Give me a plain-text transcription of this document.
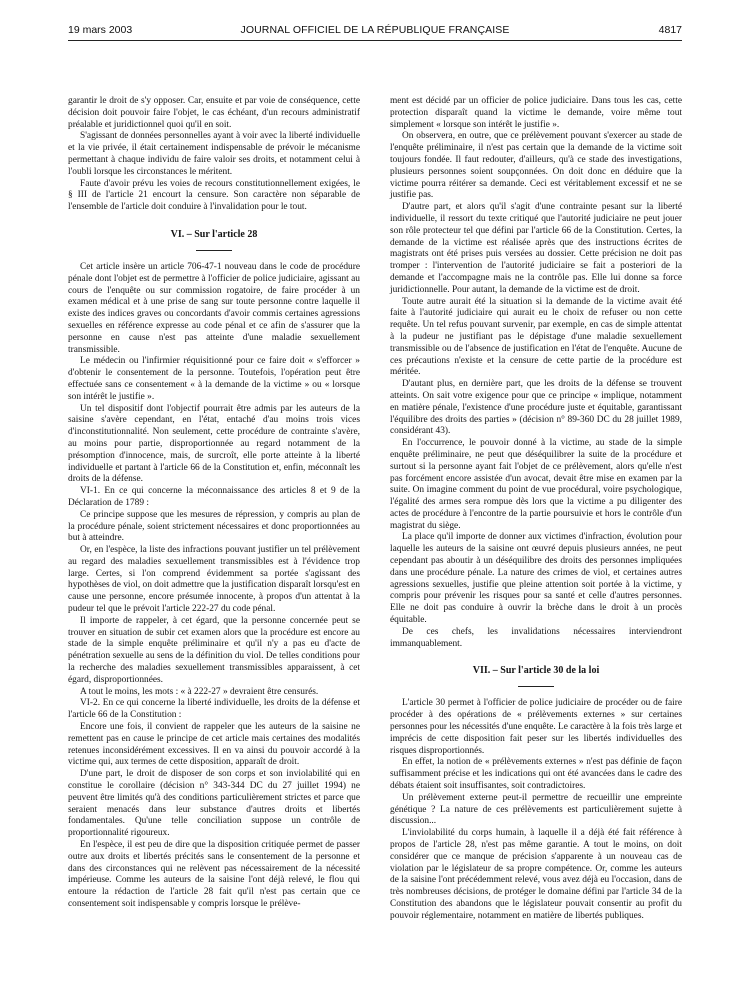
19 mars 2003	JOURNAL OFFICIEL DE LA RÉPUBLIQUE FRANÇAISE	4817

garantir le droit de s'y opposer. Car, ensuite et par voie de conséquence, cette décision doit pouvoir faire l'objet, le cas échéant, d'un recours administratif préalable et juridictionnel quoi qu'il en soit.

S'agissant de données personnelles ayant à voir avec la liberté individuelle et la vie privée, il était certainement indispensable de prévoir le mécanisme permettant à chaque individu de faire valoir ses droits, et notamment celui à l'oubli lorsque les circonstances le méritent.

Faute d'avoir prévu les voies de recours constitutionnellement exigées, le § III de l'article 21 encourt la censure. Son caractère non séparable de l'ensemble de l'article doit conduire à l'invalidation pour le tout.

VI. – Sur l'article 28

Cet article insère un article 706-47-1 nouveau dans le code de procédure pénale dont l'objet est de permettre à l'officier de police judiciaire, agissant au cours de l'enquête ou sur commission rogatoire, de faire procéder à un examen médical et à une prise de sang sur toute personne contre laquelle il existe des indices graves ou concordants d'avoir commis certaines agressions sexuelles en référence expresse au code pénal et ce afin de s'assurer que la personne en cause n'est pas atteinte d'une maladie sexuellement transmissible.

Le médecin ou l'infirmier réquisitionné pour ce faire doit « s'efforcer » d'obtenir le consentement de la personne. Toutefois, l'opération peut être effectuée sans ce consentement « à la demande de la victime » ou « lorsque son intérêt le justifie ».

Un tel dispositif dont l'objectif pourrait être admis par les auteurs de la saisine s'avère cependant, en l'état, entaché d'au moins trois vices d'inconstitutionnalité. Non seulement, cette procédure de contrainte s'avère, au moins pour partie, disproportionnée au regard notamment de la présomption d'innocence, mais, de surcroît, elle porte atteinte à la liberté individuelle et partant à l'article 66 de la Constitution et, enfin, méconnaît les droits de la défense.

VI-1. En ce qui concerne la méconnaissance des articles 8 et 9 de la Déclaration de 1789 :

Ce principe suppose que les mesures de répression, y compris au plan de la procédure pénale, soient strictement nécessaires et donc proportionnées au but à atteindre.

Or, en l'espèce, la liste des infractions pouvant justifier un tel prélèvement au regard des maladies sexuellement transmissibles est à l'évidence trop large. Certes, si l'on comprend évidemment sa portée s'agissant des hypothèses de viol, on doit admettre que la justification disparaît lorsqu'est en cause une personne, encore présumée innocente, à propos d'un attentat à la pudeur tel que le prévoit l'article 222-27 du code pénal.

Il importe de rappeler, à cet égard, que la personne concernée peut se trouver en situation de subir cet examen alors que la procédure est encore au stade de la simple enquête préliminaire et qu'il n'y a pas eu d'acte de pénétration sexuelle au sens de la définition du viol. De telles conditions pour la recherche des maladies sexuellement transmissibles apparaissent, à cet égard, disproportionnées.

A tout le moins, les mots : « à 222-27 » devraient être censurés.

VI-2. En ce qui concerne la liberté individuelle, les droits de la défense et l'article 66 de la Constitution :

Encore une fois, il convient de rappeler que les auteurs de la saisine ne remettent pas en cause le principe de cet article mais certaines des modalités retenues inconsidérément excessives. Il en va ainsi du pouvoir accordé à la victime qui, aux termes de cette disposition, apparaît de droit.

D'une part, le droit de disposer de son corps et son inviolabilité qui en constitue le corollaire (décision n° 343-344 DC du 27 juillet 1994) ne peuvent être limités qu'à des conditions particulièrement strictes et parce que seraient menacés dans leur substance d'autres droits et libertés fondamentales. Qu'une telle conciliation suppose un contrôle de proportionnalité rigoureux.

En l'espèce, il est peu de dire que la disposition critiquée permet de passer outre aux droits et libertés précités sans le consentement de la personne et dans des circonstances qui ne relèvent pas nécessairement de la nécessité impérieuse. Comme les auteurs de la saisine l'ont déjà relevé, le flou qui entoure la rédaction de l'article 28 fait qu'il n'est pas certain que ce consentement soit indispensable y compris lorsque le prélève-

ment est décidé par un officier de police judiciaire. Dans tous les cas, cette protection disparaît quand la victime le demande, voire même tout simplement « lorsque son intérêt le justifie ».

On observera, en outre, que ce prélèvement pouvant s'exercer au stade de l'enquête préliminaire, il n'est pas certain que la demande de la victime soit toujours fondée. Il faut redouter, d'ailleurs, qu'à ce stade des investigations, plusieurs personnes soient soupçonnées. On doit donc en déduire que la victime pourra réitérer sa demande. Ceci est véritablement excessif et ne se justifie pas.

D'autre part, et alors qu'il s'agit d'une contrainte pesant sur la liberté individuelle, il ressort du texte critiqué que l'autorité judiciaire ne peut jouer son rôle protecteur tel que défini par l'article 66 de la Constitution. Certes, la demande de la victime est réalisée après que des instructions écrites de magistrats ont été prises puis versées au dossier. Cette précision ne doit pas tromper : l'intervention de l'autorité judiciaire se fait a posteriori de la demande et l'accompagne mais ne la contrôle pas. Elle lui donne sa force juridictionnelle. Pour autant, la demande de la victime est de droit.

Toute autre aurait été la situation si la demande de la victime avait été faite à l'autorité judiciaire qui aurait eu le choix de refuser ou non cette requête. Un tel refus pouvant survenir, par exemple, en cas de simple attentat à la pudeur ne justifiant pas le dépistage d'une maladie sexuellement transmissible ou de l'absence de justification en l'état de l'enquête. Aucune de ces précautions n'existe et la censure de cette partie de la procédure est méritée.

D'autant plus, en dernière part, que les droits de la défense se trouvent atteints. On sait votre exigence pour que ce principe « implique, notamment en matière pénale, l'existence d'une procédure juste et équitable, garantissant l'équilibre des droits des parties » (décision n° 89-360 DC du 28 juillet 1989, considérant 43).

En l'occurrence, le pouvoir donné à la victime, au stade de la simple enquête préliminaire, ne peut que déséquilibrer la suite de la procédure et surtout si la personne ayant fait l'objet de ce prélèvement, alors qu'elle n'est pas forcément encore assistée d'un avocat, devait être mise en examen par la suite. On imagine comment du point de vue procédural, voire psychologique, l'égalité des armes sera rompue dès lors que la victime a pu diligenter des actes de procédure à l'encontre de la partie poursuivie et hors le contrôle d'un magistrat du siège.

La place qu'il importe de donner aux victimes d'infraction, évolution pour laquelle les auteurs de la saisine ont œuvré depuis plusieurs années, ne peut cependant pas aboutir à un déséquilibre des droits des personnes impliquées dans une procédure pénale. La nature des crimes de viol, et certaines autres agressions sexuelles, justifie que pleine attention soit portée à la victime, y compris pour prévenir les risques pour sa santé et celle d'autres personnes. Elle ne doit pas conduire à ouvrir la brèche dans le droit à un procès équitable.

De ces chefs, les invalidations nécessaires interviendront immanquablement.

VII. – Sur l'article 30 de la loi

L'article 30 permet à l'officier de police judiciaire de procéder ou de faire procéder à des opérations de « prélèvements externes » sur certaines personnes pour les nécessités d'une enquête. Le caractère à la fois très large et imprécis de cette disposition fait peser sur les libertés individuelles des risques disproportionnés.

En effet, la notion de « prélèvements externes » n'est pas définie de façon suffisamment précise et les indications qui ont été avancées dans le cadre des débats étaient soit insuffisantes, soit contradictoires.

Un prélèvement externe peut-il permettre de recueillir une empreinte génétique ? La nature de ces prélèvements est particulièrement sujette à discussion...

L'inviolabilité du corps humain, à laquelle il a déjà été fait référence à propos de l'article 28, n'est pas même garantie. A tout le moins, on doit considérer que ce manque de précision s'apparente à un nouveau cas de violation par le législateur de sa propre compétence. Or, comme les auteurs de la saisine l'ont précédemment relevé, vous avez déjà eu l'occasion, dans de très nombreuses décisions, de protéger le domaine défini par l'article 34 de la Constitution des abandons que le législateur pouvait consentir au profit du pouvoir réglementaire, notamment en matière de libertés publiques.
